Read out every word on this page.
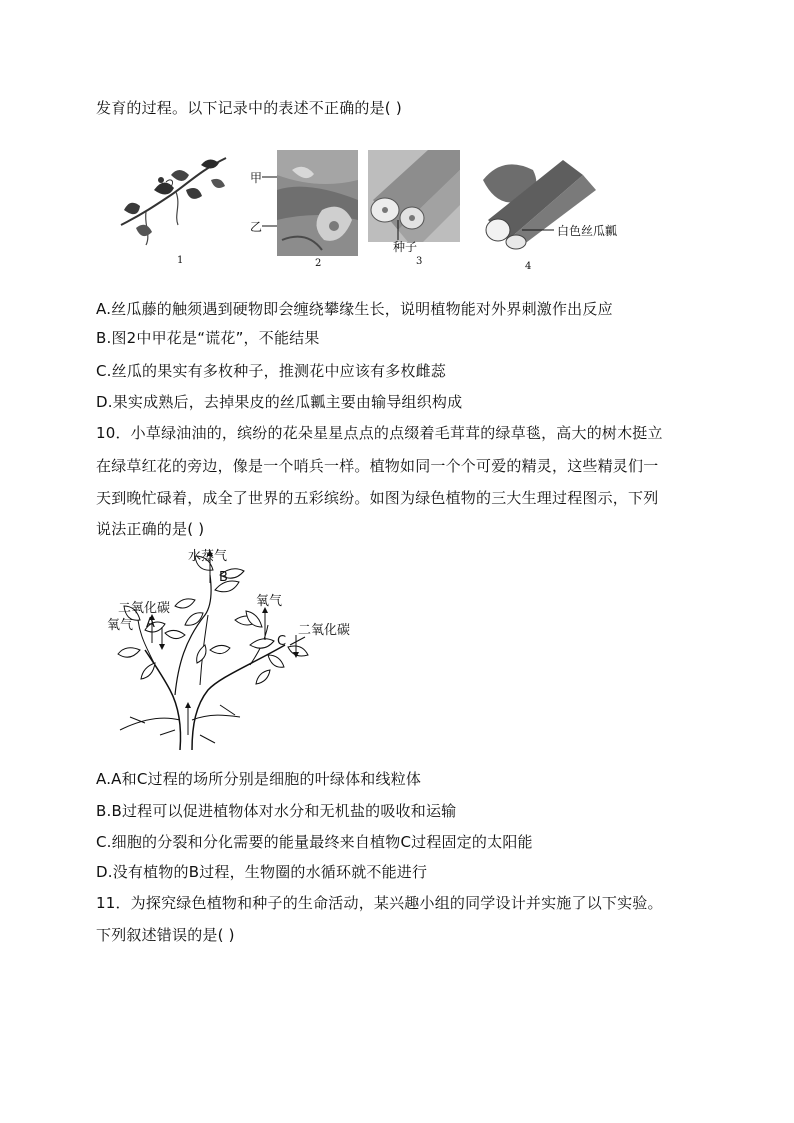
发育的过程。以下记录中的表述不正确的是( )
1
甲
乙
2
种子
3
白色丝瓜瓤
4
A.丝瓜藤的触须遇到硬物即会缠绕攀缘生长，说明植物能对外界刺激作出反应
B.图2中甲花是“谎花”，不能结果
C.丝瓜的果实有多枚种子，推测花中应该有多枚雌蕊
D.果实成熟后，去掉果皮的丝瓜瓤主要由输导组织构成
10．小草绿油油的，缤纷的花朵星星点点的点缀着毛茸茸的绿草毯，高大的树木挺立
在绿草红花的旁边，像是一个哨兵一样。植物如同一个个可爱的精灵，这些精灵们一
天到晚忙碌着，成全了世界的五彩缤纷。如图为绿色植物的三大生理过程图示，下列
说法正确的是( )
水蒸气
B
二氧化碳
氧气 A
氧气
二氧化碳
C
A.A和C过程的场所分别是细胞的叶绿体和线粒体
B.B过程可以促进植物体对水分和无机盐的吸收和运输
C.细胞的分裂和分化需要的能量最终来自植物C过程固定的太阳能
D.没有植物的B过程，生物圈的水循环就不能进行
11．为探究绿色植物和种子的生命活动，某兴趣小组的同学设计并实施了以下实验。
下列叙述错误的是( )
